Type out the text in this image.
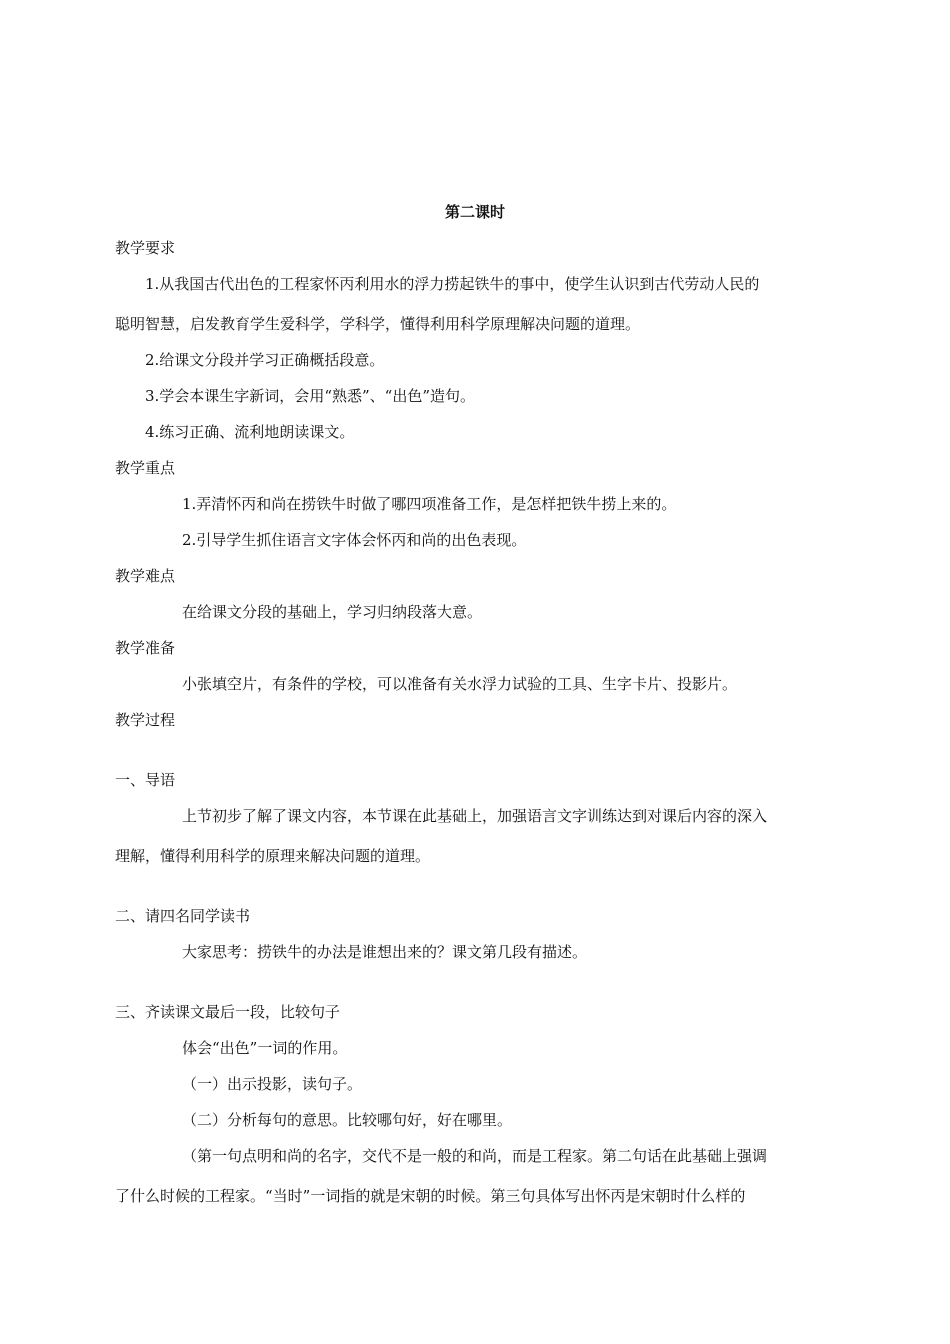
第二课时
教学要求
1.从我国古代出色的工程家怀丙利用水的浮力捞起铁牛的事中，使学生认识到古代劳动人民的
聪明智慧，启发教育学生爱科学，学科学，懂得利用科学原理解决问题的道理。
2.给课文分段并学习正确概括段意。
3.学会本课生字新词，会用“熟悉”、“出色”造句。
4.练习正确、流利地朗读课文。
教学重点
1.弄清怀丙和尚在捞铁牛时做了哪四项准备工作，是怎样把铁牛捞上来的。
2.引导学生抓住语言文字体会怀丙和尚的出色表现。
教学难点
在给课文分段的基础上，学习归纳段落大意。
教学准备
小张填空片，有条件的学校，可以准备有关水浮力试验的工具、生字卡片、投影片。
教学过程
一、导语
上节初步了解了课文内容，本节课在此基础上，加强语言文字训练达到对课后内容的深入
理解，懂得利用科学的原理来解决问题的道理。
二、请四名同学读书
大家思考：捞铁牛的办法是谁想出来的？课文第几段有描述。
三、齐读课文最后一段，比较句子
体会“出色”一词的作用。
（一）出示投影，读句子。
（二）分析每句的意思。比较哪句好，好在哪里。
（第一句点明和尚的名字，交代不是一般的和尚，而是工程家。第二句话在此基础上强调
了什么时候的工程家。“当时”一词指的就是宋朝的时候。第三句具体写出怀丙是宋朝时什么样的
